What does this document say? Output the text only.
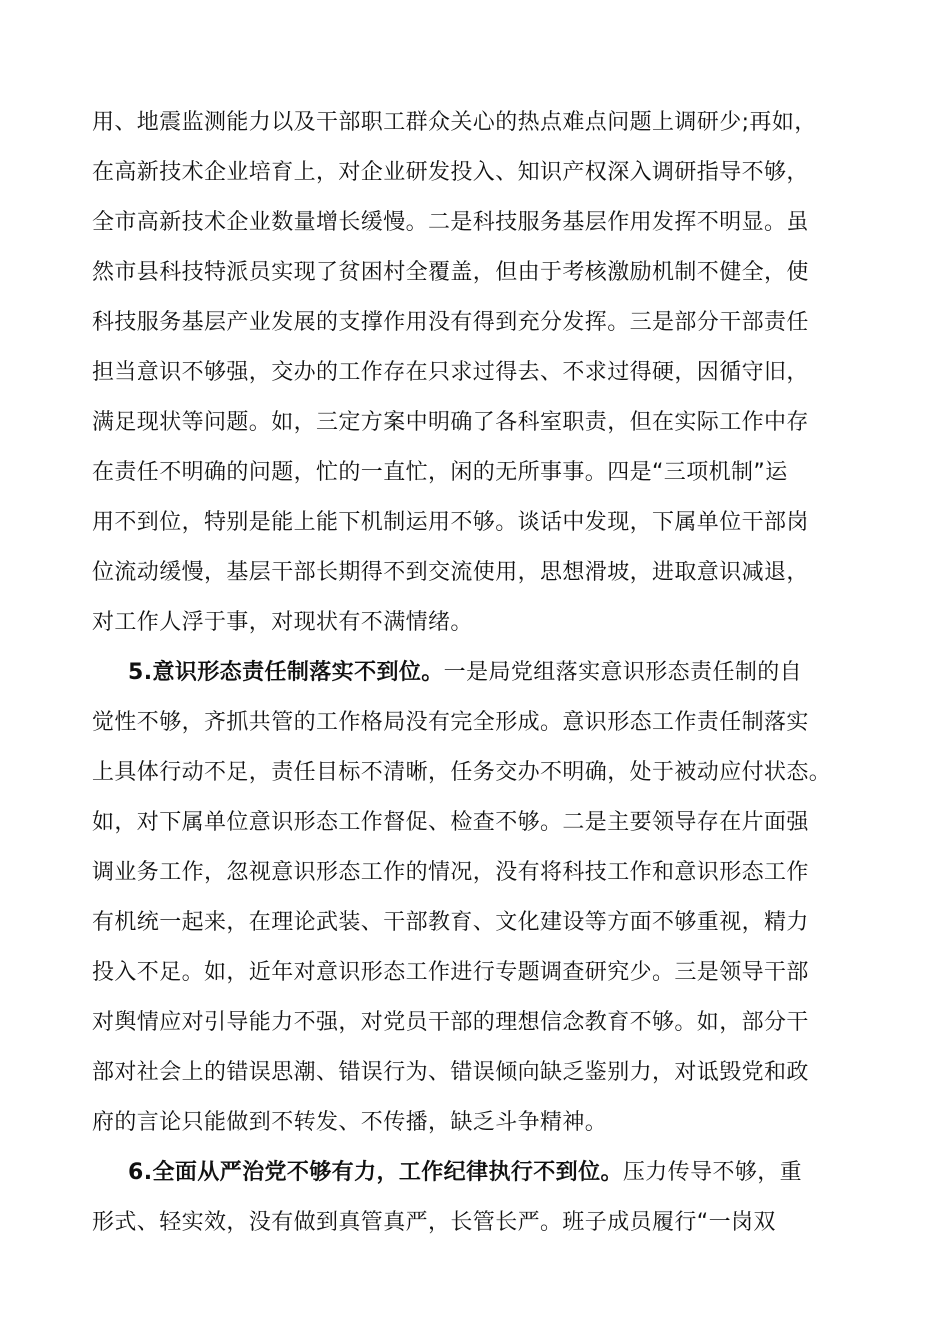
用、地震监测能力以及干部职工群众关心的热点难点问题上调研少;再如，
在高新技术企业培育上，对企业研发投入、知识产权深入调研指导不够，
全市高新技术企业数量增长缓慢。二是科技服务基层作用发挥不明显。虽
然市县科技特派员实现了贫困村全覆盖，但由于考核激励机制不健全，使
科技服务基层产业发展的支撑作用没有得到充分发挥。三是部分干部责任
担当意识不够强，交办的工作存在只求过得去、不求过得硬，因循守旧，
满足现状等问题。如，三定方案中明确了各科室职责，但在实际工作中存
在责任不明确的问题，忙的一直忙，闲的无所事事。四是“三项机制”运
用不到位，特别是能上能下机制运用不够。谈话中发现，下属单位干部岗
位流动缓慢，基层干部长期得不到交流使用，思想滑坡，进取意识减退，
对工作人浮于事，对现状有不满情绪。
5.意识形态责任制落实不到位。一是局党组落实意识形态责任制的自
觉性不够，齐抓共管的工作格局没有完全形成。意识形态工作责任制落实
上具体行动不足，责任目标不清晰，任务交办不明确，处于被动应付状态。
如，对下属单位意识形态工作督促、检查不够。二是主要领导存在片面强
调业务工作，忽视意识形态工作的情况，没有将科技工作和意识形态工作
有机统一起来，在理论武装、干部教育、文化建设等方面不够重视，精力
投入不足。如，近年对意识形态工作进行专题调查研究少。三是领导干部
对舆情应对引导能力不强，对党员干部的理想信念教育不够。如，部分干
部对社会上的错误思潮、错误行为、错误倾向缺乏鉴别力，对诋毁党和政
府的言论只能做到不转发、不传播，缺乏斗争精神。
6.全面从严治党不够有力，工作纪律执行不到位。压力传导不够，重
形式、轻实效，没有做到真管真严，长管长严。班子成员履行“一岗双
